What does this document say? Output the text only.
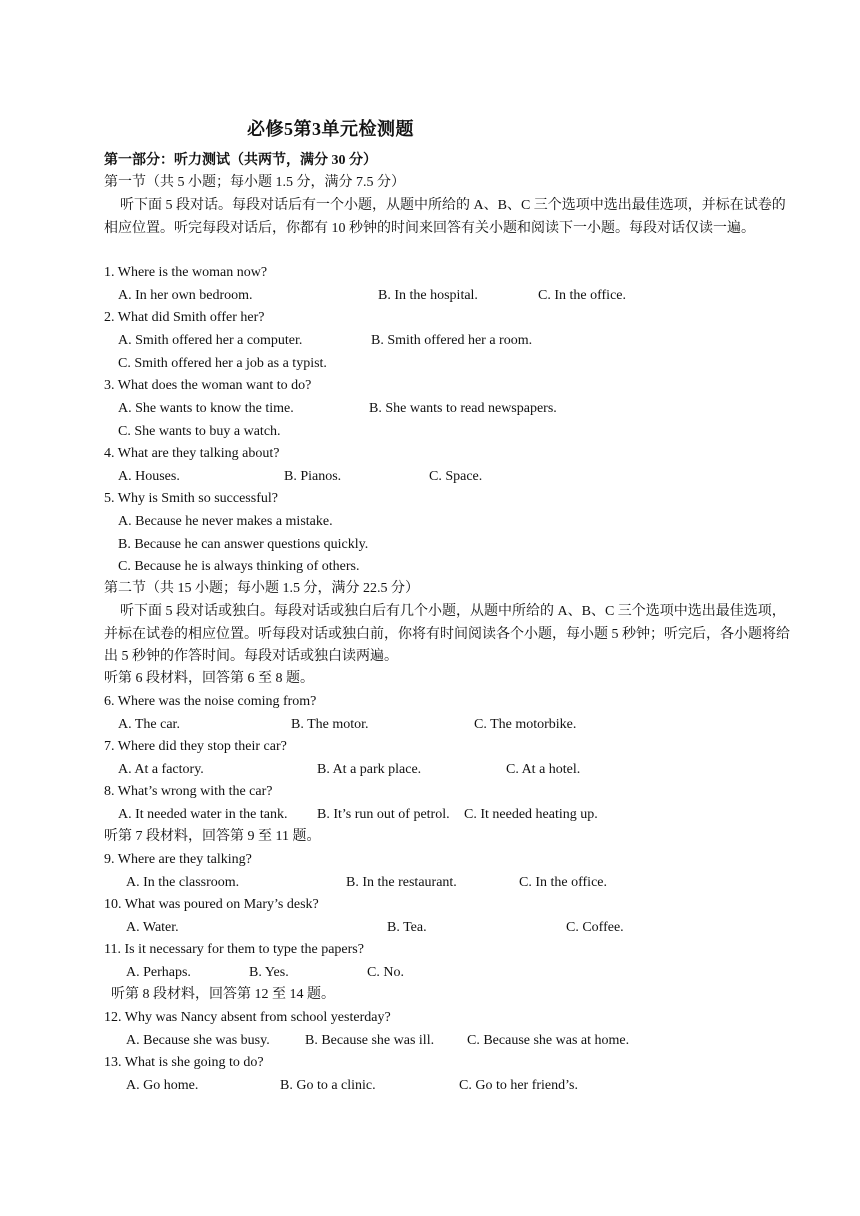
必修5第3单元检测题
第一部分：听力测试（共两节，满分 30 分）
第一节（共 5 小题；每小题 1.5 分，满分 7.5 分）
听下面 5 段对话。每段对话后有一个小题，从题中所给的 A、B、C 三个选项中选出最佳选项，并标在试卷的相应位置。听完每段对话后，你都有 10 秒钟的时间来回答有关小题和阅读下一小题。每段对话仅读一遍。
1. Where is the woman now?
A. In her own bedroom.	B. In the hospital.	C. In the office.
2. What did Smith offer her?
A. Smith offered her a computer.	B. Smith offered her a room.
C. Smith offered her a job as a typist.
3. What does the woman want to do?
A. She wants to know the time.	B. She wants to read newspapers.
C. She wants to buy a watch.
4. What are they talking about?
A. Houses.	B. Pianos.	C. Space.
5. Why is Smith so successful?
A. Because he never makes a mistake.
B. Because he can answer questions quickly.
C. Because he is always thinking of others.
第二节（共 15 小题；每小题 1.5 分，满分 22.5 分）
听下面 5 段对话或独白。每段对话或独白后有几个小题，从题中所给的 A、B、C 三个选项中选出最佳选项，并标在试卷的相应位置。听每段对话或独白前，你将有时间阅读各个小题，每小题 5 秒钟；听完后，各小题将给出 5 秒钟的作答时间。每段对话或独白读两遍。
听第 6 段材料，回答第 6 至 8 题。
6. Where was the noise coming from?
A. The car.	B. The motor.	C. The motorbike.
7. Where did they stop their car?
A. At a factory.	B. At a park place.	C. At a hotel.
8. What’s wrong with the car?
A. It needed water in the tank. B. It’s run out of petrol. C. It needed heating up.
听第 7 段材料，回答第 9 至 11 题。
9. Where are they talking?
A. In the classroom.	B. In the restaurant.	C. In the office.
10. What was poured on Mary’s desk?
A. Water.	B. Tea.	C. Coffee.
11. Is it necessary for them to type the papers?
A. Perhaps.	B. Yes.	C. No.
听第 8 段材料，回答第 12 至 14 题。
12. Why was Nancy absent from school yesterday?
A. Because she was busy.	B. Because she was ill. C. Because she was at home.
13. What is she going to do?
A. Go home.	B. Go to a clinic.	C. Go to her friend’s.
